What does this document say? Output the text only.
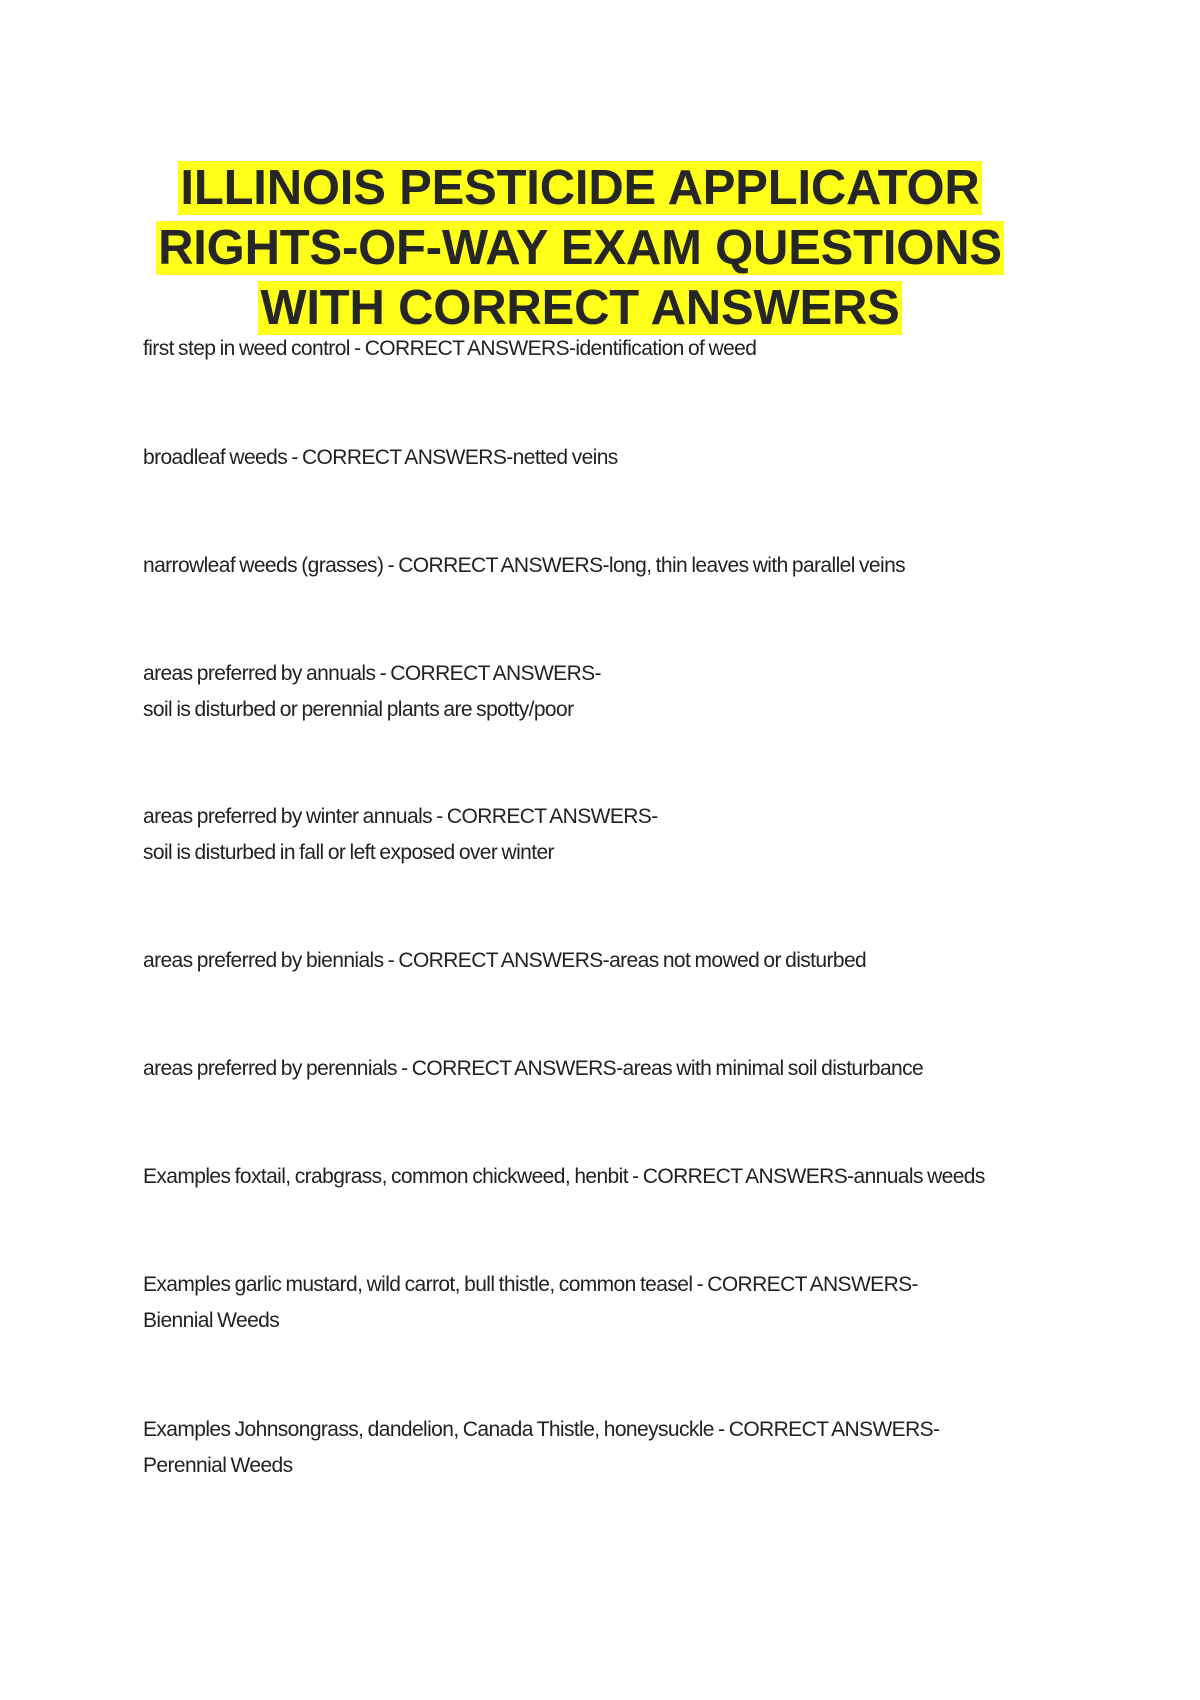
ILLINOIS PESTICIDE APPLICATOR
RIGHTS-OF-WAY EXAM QUESTIONS
WITH CORRECT ANSWERS
first step in weed control - CORRECT ANSWERS-identification of weed
broadleaf weeds - CORRECT ANSWERS-netted veins
narrowleaf weeds (grasses) - CORRECT ANSWERS-long, thin leaves with parallel veins
areas preferred by annuals - CORRECT ANSWERS-
soil is disturbed or perennial plants are spotty/poor
areas preferred by winter annuals - CORRECT ANSWERS-
soil is disturbed in fall or left exposed over winter
areas preferred by biennials - CORRECT ANSWERS-areas not mowed or disturbed
areas preferred by perennials - CORRECT ANSWERS-areas with minimal soil disturbance
Examples foxtail, crabgrass, common chickweed, henbit - CORRECT ANSWERS-annuals weeds
Examples garlic mustard, wild carrot, bull thistle, common teasel - CORRECT ANSWERS-
Biennial Weeds
Examples Johnsongrass, dandelion, Canada Thistle, honeysuckle - CORRECT ANSWERS-
Perennial Weeds
